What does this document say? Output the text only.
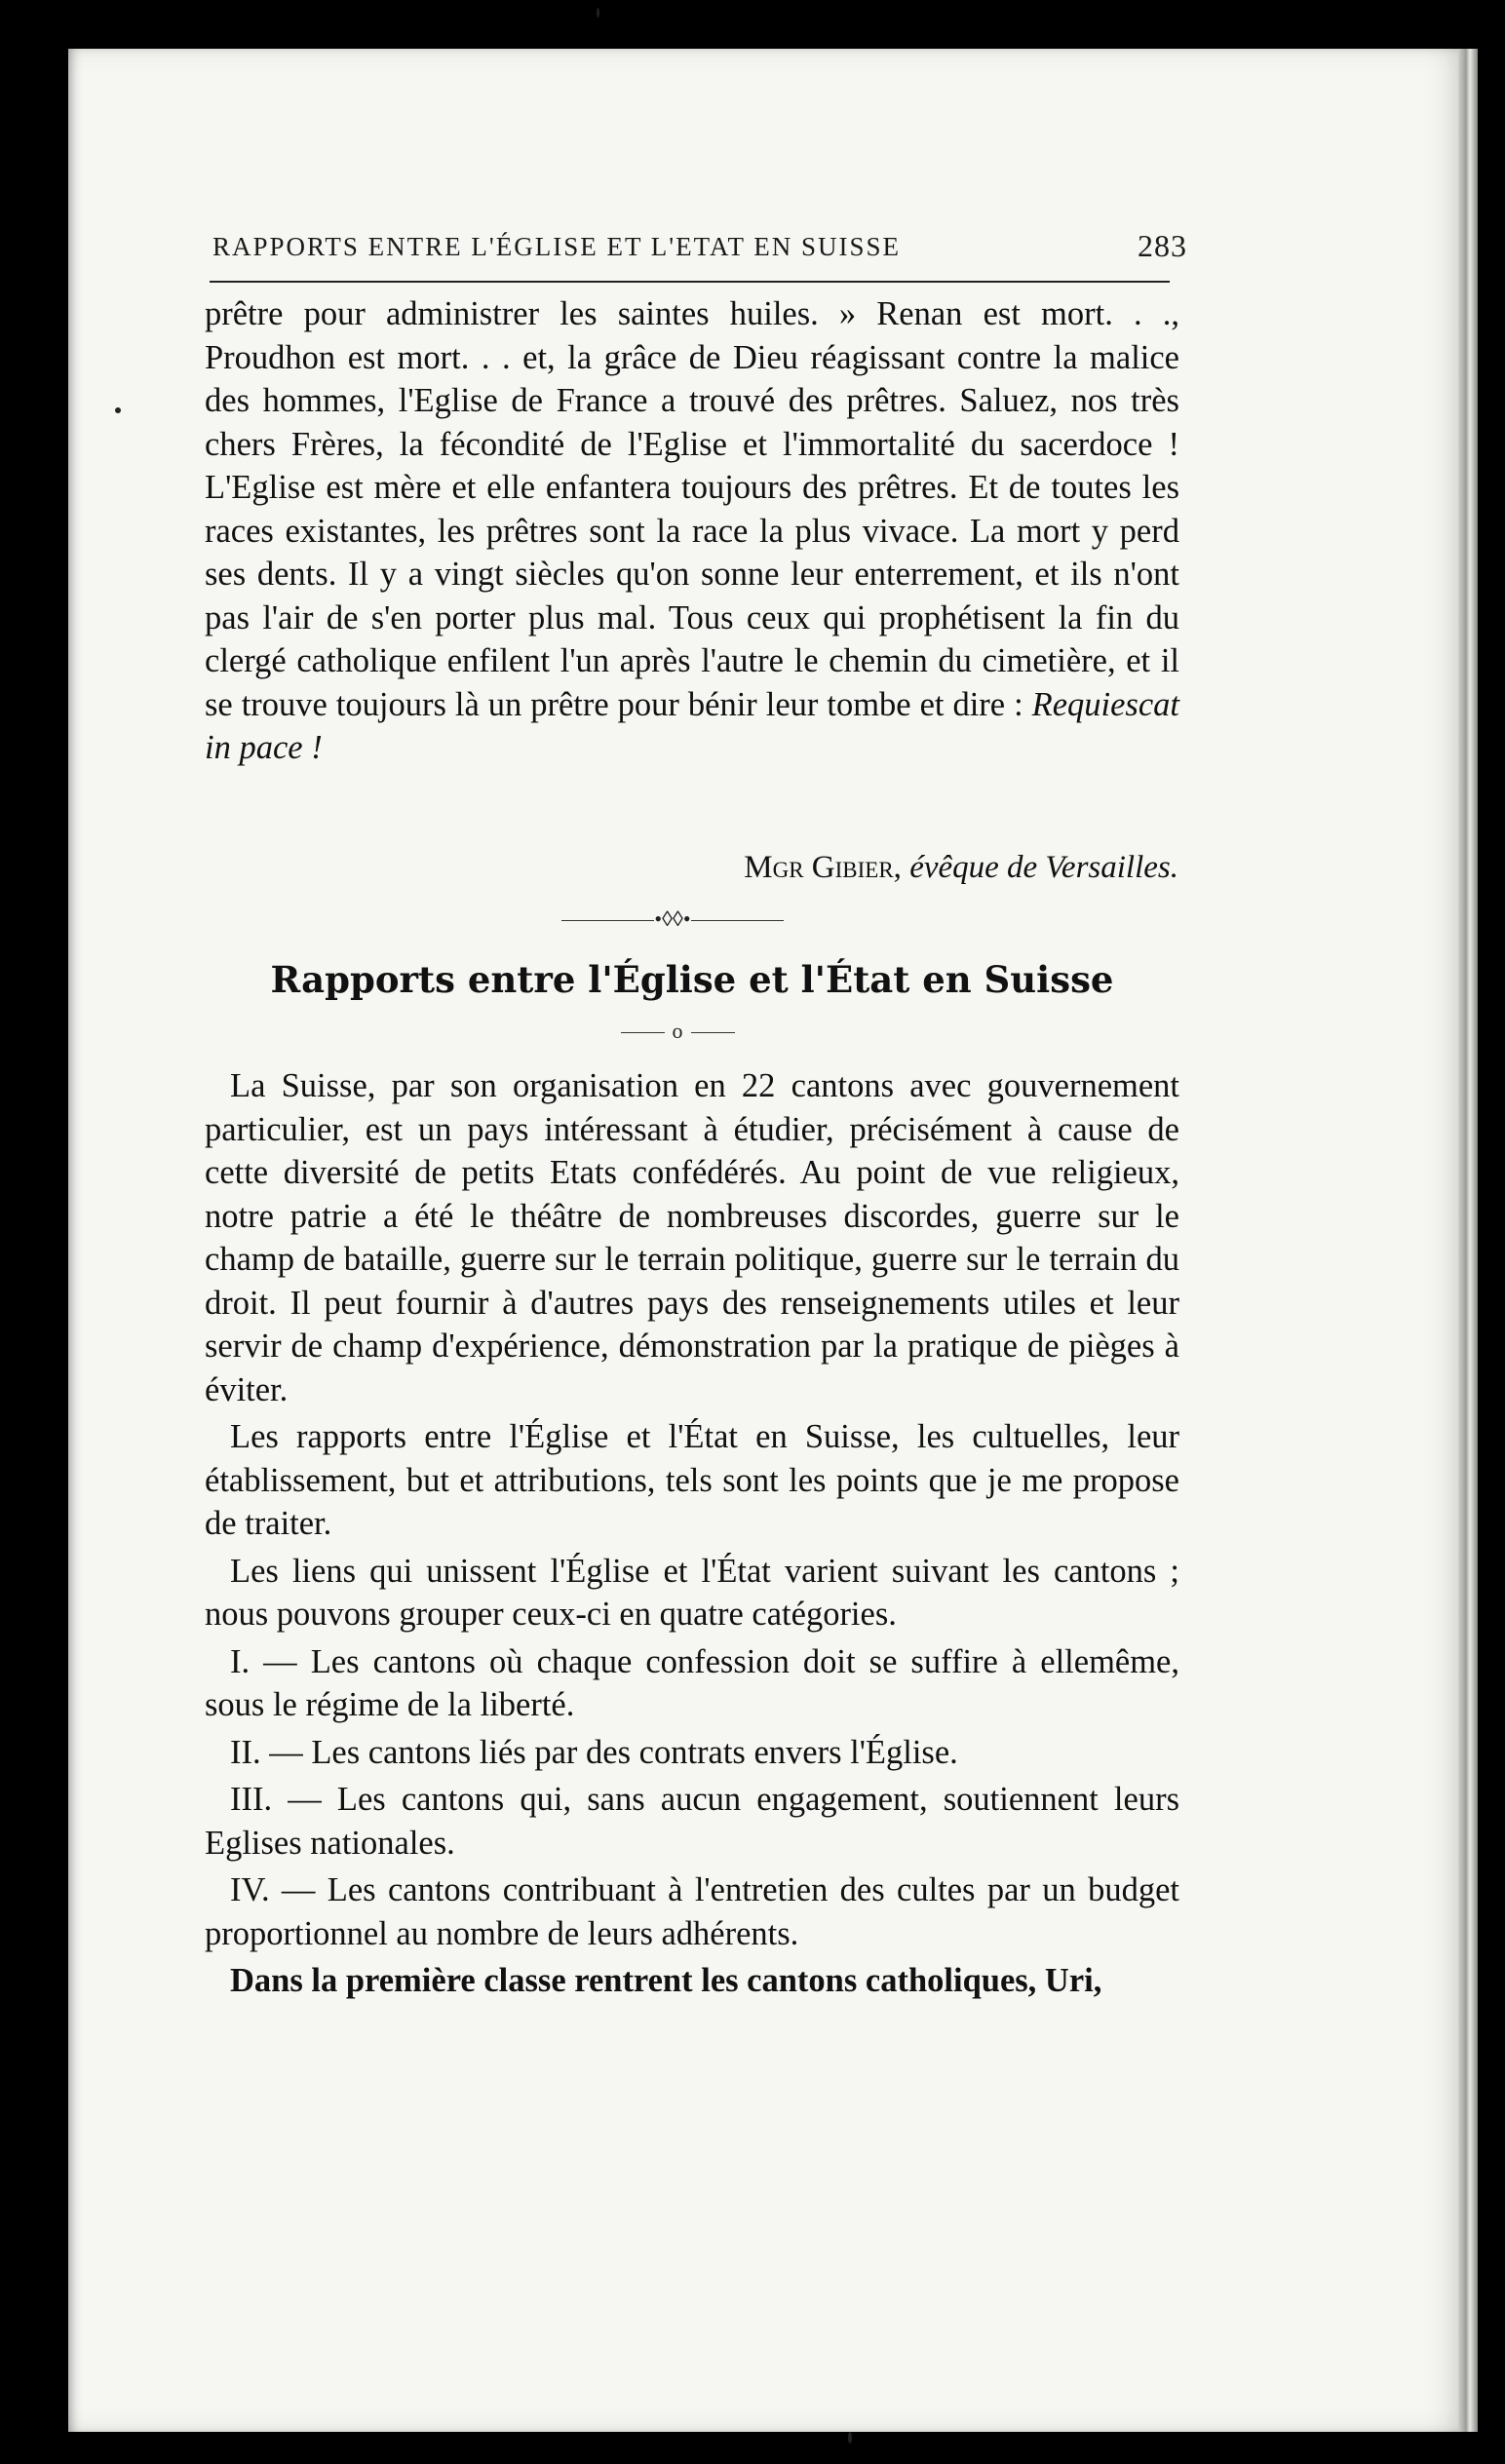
RAPPORTS ENTRE L'ÉGLISE ET L'ETAT EN SUISSE	283

prêtre pour administrer les saintes huiles. » Renan est mort. . ., Proudhon est mort. . . et, la grâce de Dieu réagissant contre la malice des hommes, l'Eglise de France a trouvé des prêtres. Saluez, nos très chers Frères, la fécondité de l'Eglise et l'immortalité du sacerdoce ! L'Eglise est mère et elle enfantera toujours des prêtres. Et de toutes les races existantes, les prêtres sont la race la plus vivace. La mort y perd ses dents. Il y a vingt siècles qu'on sonne leur enterrement, et ils n'ont pas l'air de s'en porter plus mal. Tous ceux qui prophétisent la fin du clergé catholique enfilent l'un après l'autre le chemin du cimetière, et il se trouve toujours là un prêtre pour bénir leur tombe et dire : Requiescat in pace !

Mgr Gibier, évêque de Versailles.
•◊◊•
Rapports entre l'Église et l'État en Suisse
o

La Suisse, par son organisation en 22 cantons avec gouvernement particulier, est un pays intéressant à étudier, précisément à cause de cette diversité de petits Etats confédérés. Au point de vue religieux, notre patrie a été le théâtre de nombreuses discordes, guerre sur le champ de bataille, guerre sur le terrain politique, guerre sur le terrain du droit. Il peut fournir à d'autres pays des renseignements utiles et leur servir de champ d'expérience, démonstration par la pratique de pièges à éviter.

Les rapports entre l'Église et l'État en Suisse, les cultuelles, leur établissement, but et attributions, tels sont les points que je me propose de traiter.

Les liens qui unissent l'Église et l'État varient suivant les cantons ; nous pouvons grouper ceux-ci en quatre catégories.

I. — Les cantons où chaque confession doit se suffire à ellemême, sous le régime de la liberté.

II. — Les cantons liés par des contrats envers l'Église.

III. — Les cantons qui, sans aucun engagement, soutiennent leurs Eglises nationales.

IV. — Les cantons contribuant à l'entretien des cultes par un budget proportionnel au nombre de leurs adhérents.

Dans la première classe rentrent les cantons catholiques, Uri,
